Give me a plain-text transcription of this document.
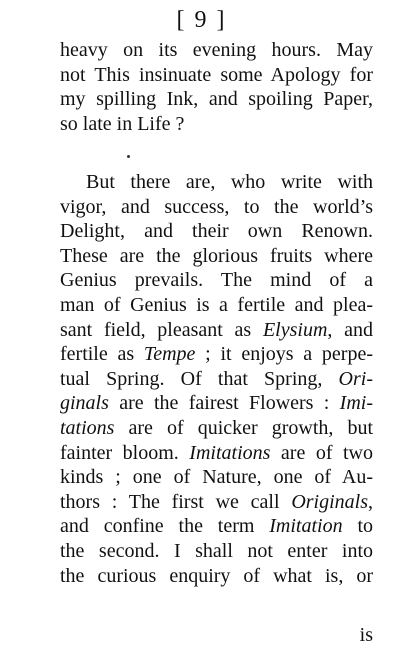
[ 9 ]
heavy on its evening hours. May
not This insinuate some Apology for
my spilling Ink, and spoiling Paper,
so late in Life ?
But there are, who write with
vigor, and success, to the world’s
Delight, and their own Renown.
These are the glorious fruits where
Genius prevails. The mind of a
man of Genius is a fertile and plea-
sant field, pleasant as Elysium, and
fertile as Tempe ; it enjoys a perpe-
tual Spring. Of that Spring, Ori-
ginals are the fairest Flowers : Imi-
tations are of quicker growth, but
fainter bloom. Imitations are of two
kinds ; one of Nature, one of Au-
thors : The first we call Originals,
and confine the term Imitation to
the second. I shall not enter into
the curious enquiry of what is, or
is
